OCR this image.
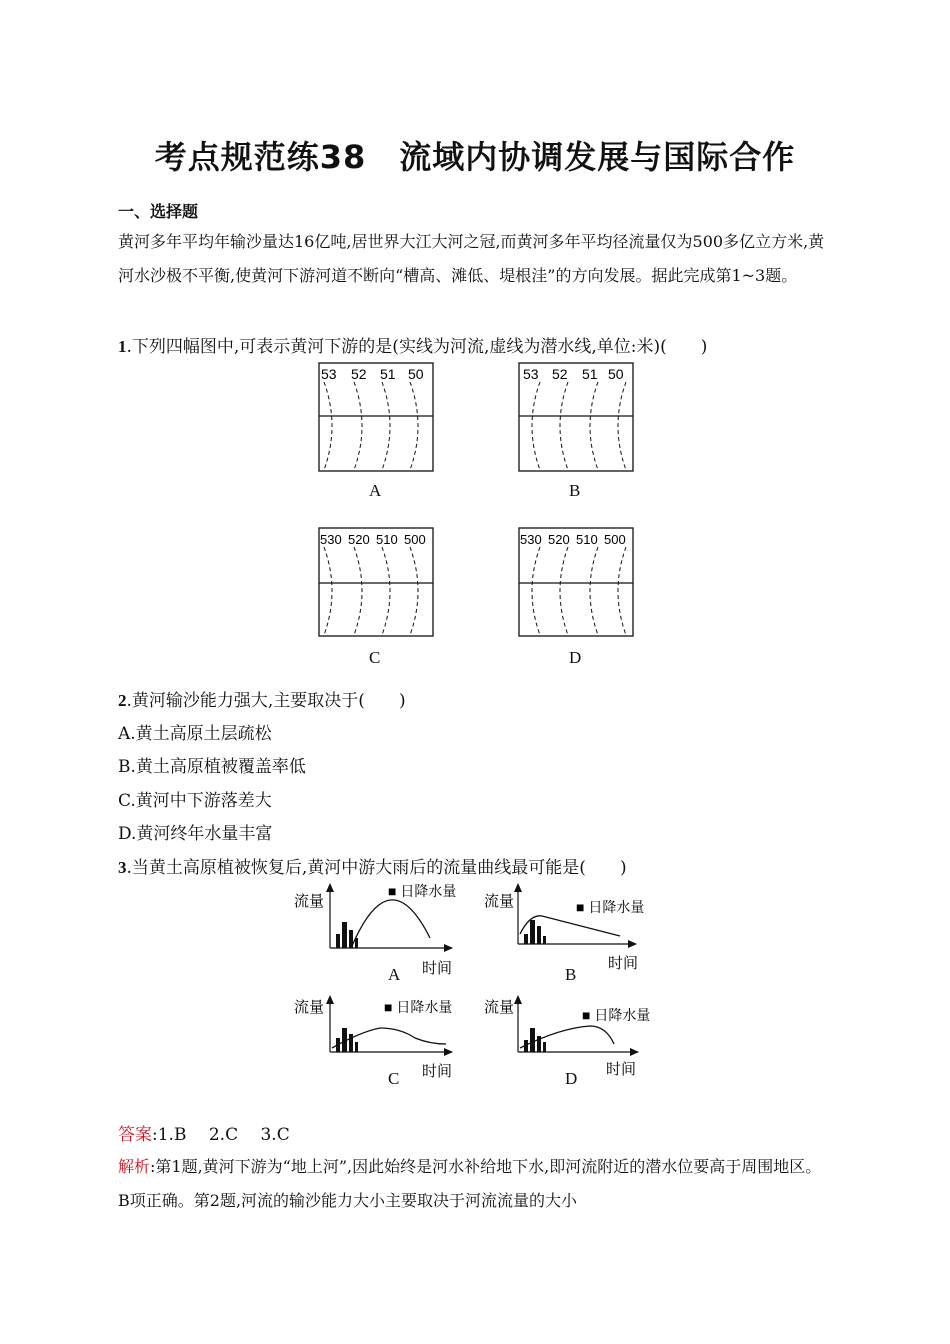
考点规范练38　流域内协调发展与国际合作
一、选择题

黄河多年平均年输沙量达16亿吨,居世界大江大河之冠,而黄河多年平均径流量仅为500多亿立方米,黄河水沙极不平衡,使黄河下游河道不断向“槽高、滩低、堤根洼”的方向发展。据此完成第1~3题。

1.下列四幅图中,可表示黄河下游的是(实线为河流,虚线为潜水线,单位:米)(　　)
53 52 51 50
A
53 52 51 50
B
530 520 510 500
C
530 520 510 500
D
2.黄河输沙能力强大,主要取决于(　　)
A.黄土高原土层疏松
B.黄土高原植被覆盖率低
C.黄河中下游落差大
D.黄河终年水量丰富
3.当黄土高原植被恢复后,黄河中游大雨后的流量曲线最可能是(　　)
流量
■ 日降水量
时间
A
流量	■ 日降水量
时间
B
流量	■ 日降水量
时间
C
流量	■ 日降水量
时间
D
答案:1.B　 2.C　 3.C

解析:第1题,黄河下游为“地上河”,因此始终是河水补给地下水,即河流附近的潜水位要高于周围地区。B项正确。第2题,河流的输沙能力大小主要取决于河流流量的大小
